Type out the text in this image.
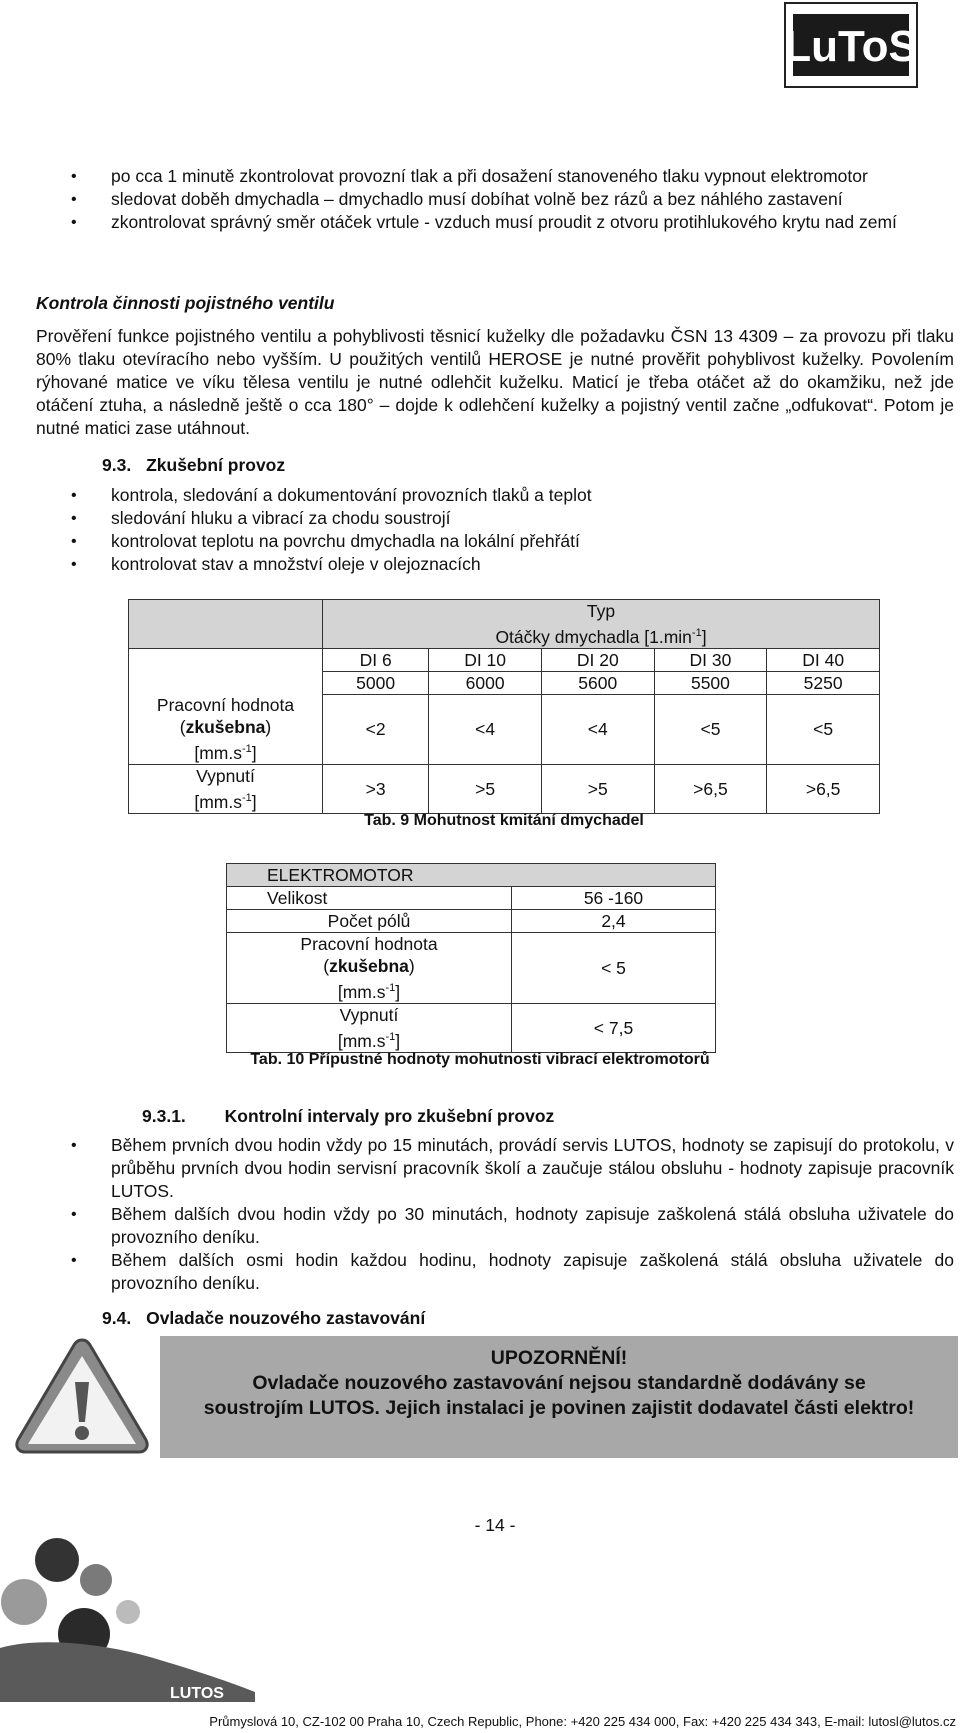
LuToS
• po cca 1 minutě zkontrolovat provozní tlak a při dosažení stanoveného tlaku vypnout elektromotor
• sledovat doběh dmychadla – dmychadlo musí dobíhat volně bez rázů a bez náhlého zastavení
• zkontrolovat správný směr otáček vrtule - vzduch musí proudit z otvoru protihlukového krytu nad zemí
Kontrola činnosti pojistného ventilu
Prověření funkce pojistného ventilu a pohyblivosti těsnicí kuželky dle požadavku ČSN 13 4309 – za provozu při tlaku 80% tlaku otevíracího nebo vyšším. U použitých ventilů HEROSE je nutné prověřit pohyblivost kuželky. Povolením rýhované matice ve víku tělesa ventilu je nutné odlehčit kuželku. Maticí je třeba otáčet až do okamžiku, než jde otáčení ztuha, a následně ještě o cca 180° – dojde k odlehčení kuželky a pojistný ventil začne „odfukovat“. Potom je nutné matici zase utáhnout.
9.3. Zkušební provoz
• kontrola, sledování a dokumentování provozních tlaků a teplot
• sledování hluku a vibrací za chodu soustrojí
• kontrolovat teplotu na povrchu dmychadla na lokální přehřátí
• kontrolovat stav a množství oleje v olejoznacích
	Typ				
	Otáčky dmychadla $[1.\min^{-1}]$				
	DI 6	DI 10	DI 20	DI 30	DI 40
	5000	6000	5600	5500	5250

Pracovní hodnota
(zkušebna)
$[mm.s^{-1}]$	<2	<4	<4	<5	<5

Vypnutí
$[mm.s^{-1}]$	>3	>5	>5	>6,5	>6,5
Tab. 9 Mohutnost kmitání dmychadel
ELEKTROMOTOR	
Velikost	56 -160
Počet pólů	2,4

Pracovní hodnota
(zkušebna)
$[mm.s^{-1}]$	< 5

Vypnutí
$[mm.s^{-1}]$	< 7,5
Tab. 10 Přípustné hodnoty mohutnosti vibrací elektromotorů
9.3.1. Kontrolní intervaly pro zkušební provoz
• Během prvních dvou hodin vždy po 15 minutách, provádí servis LUTOS, hodnoty se zapisují do protokolu, v průběhu prvních dvou hodin servisní pracovník školí a zaučuje stálou obsluhu - hodnoty zapisuje pracovník LUTOS.
• Během dalších dvou hodin vždy po 30 minutách, hodnoty zapisuje zaškolená stálá obsluha uživatele do provozního deníku.
• Během dalších osmi hodin každou hodinu, hodnoty zapisuje zaškolená stálá obsluha uživatele do provozního deníku.
9.4. Ovladače nouzového zastavování
UPOZORNĚNÍ!
Ovladače nouzového zastavování nejsou standardně dodávány se soustrojím LUTOS. Jejich instalaci je povinen zajistit dodavatel části elektro!
- 14 -
LUTOS
Průmyslová 10, CZ-102 00 Praha 10, Czech Republic, Phone: +420 225 434 000, Fax: +420 225 434 343, E-mail: lutosl@lutos.cz
